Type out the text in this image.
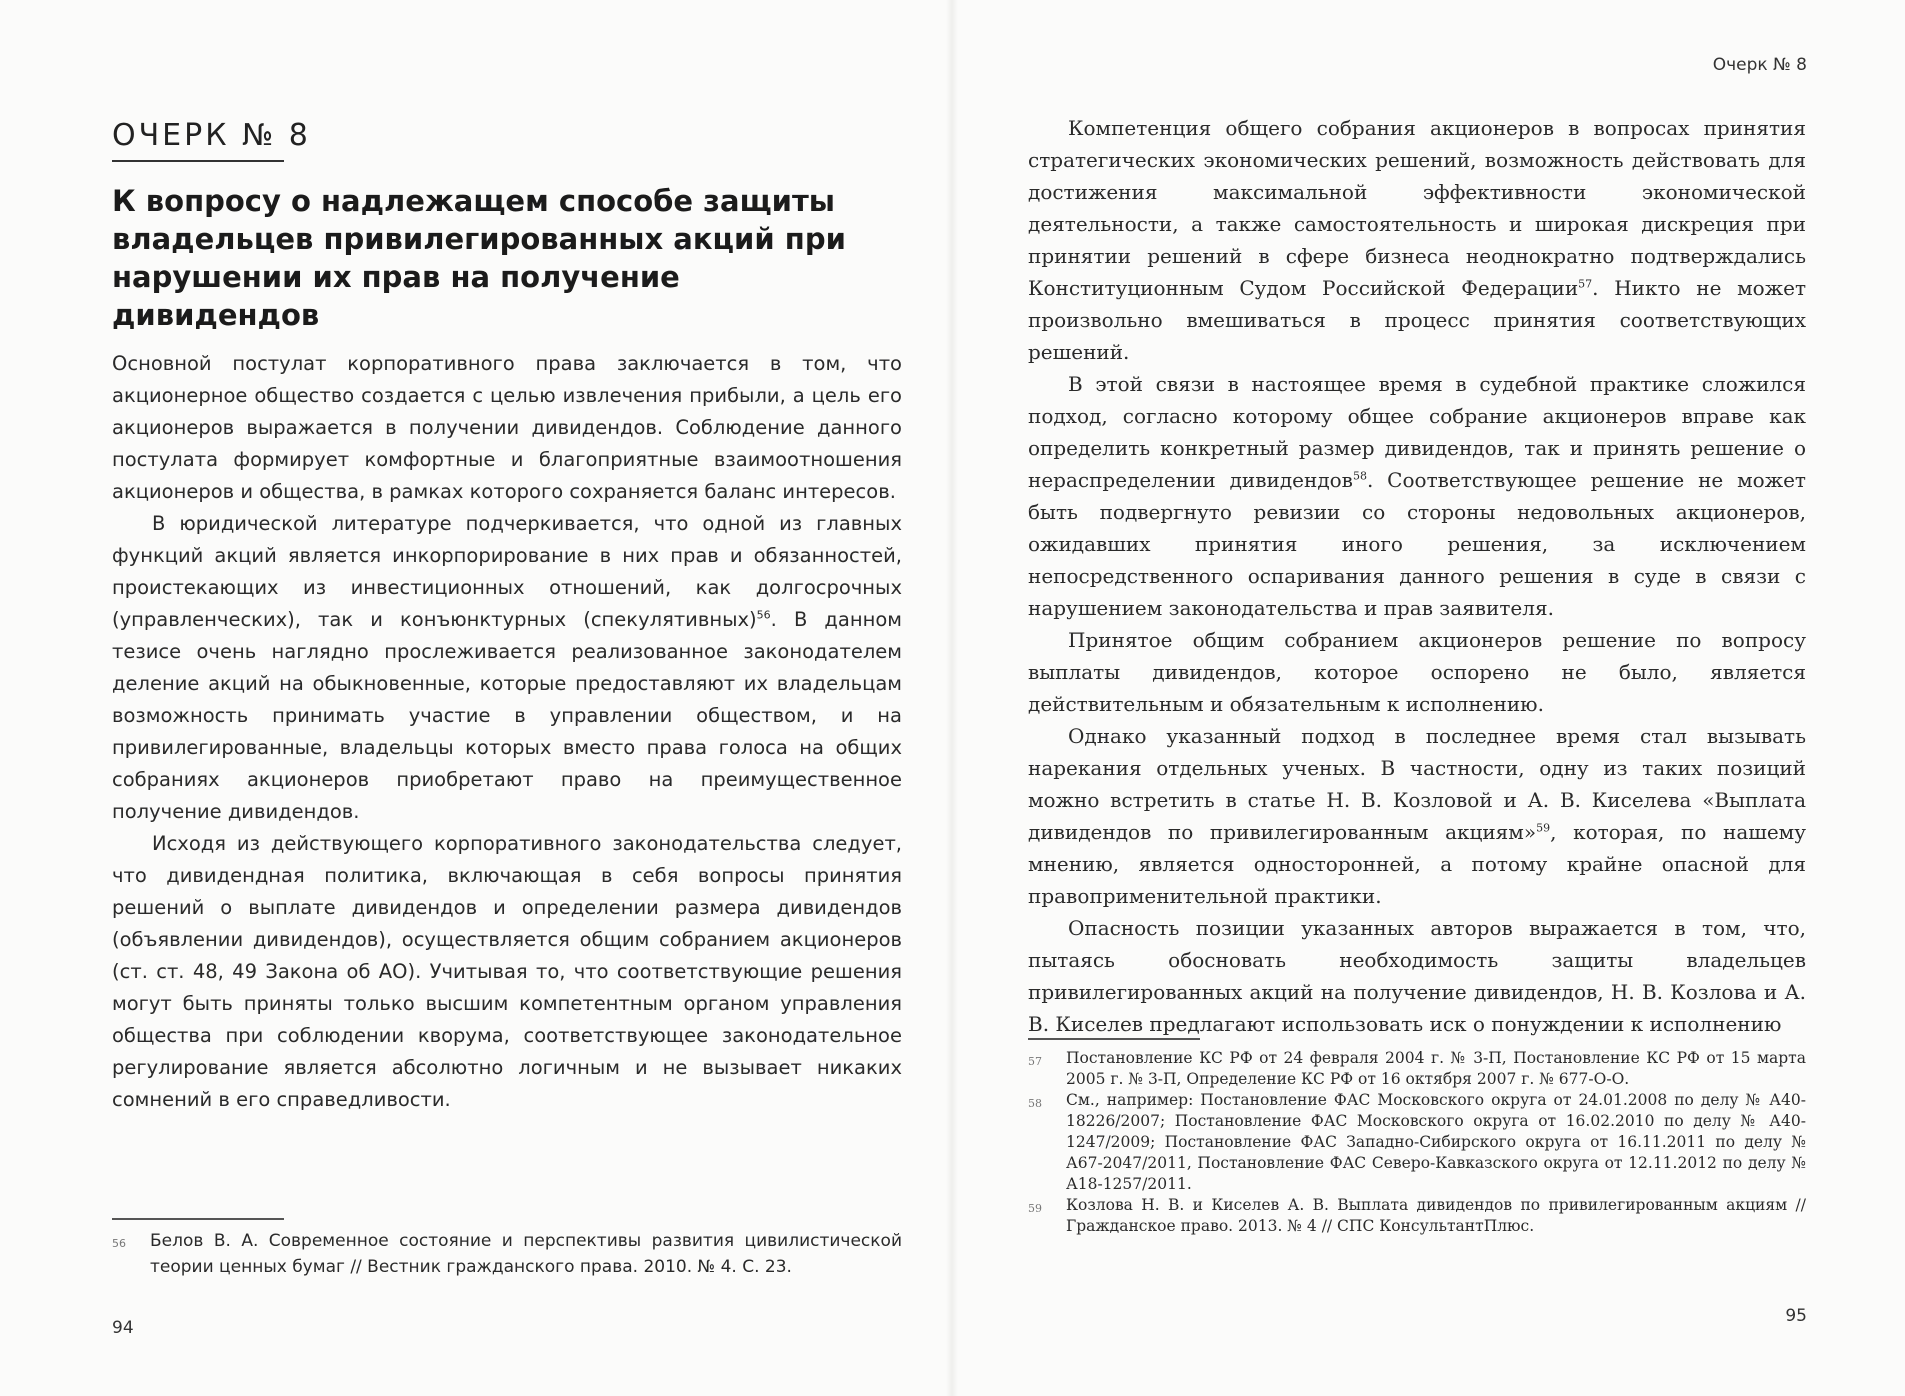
ОЧЕРК № 8
К вопросу о надлежащем способе защиты владельцев привилегированных акций при нарушении их прав на получение дивидендов

Основной постулат корпоративного права заключается в том, что акционерное общество создается с целью извлечения прибыли, а цель его акционеров выражается в получении дивидендов. Соблюдение данного постулата формирует комфортные и благоприятные взаимоотношения акционеров и общества, в рамках которого сохраняется баланс интересов.

В юридической литературе подчеркивается, что одной из главных функций акций является инкорпорирование в них прав и обязанностей, проистекающих из инвестиционных отношений, как долгосрочных (управленческих), так и конъюнктурных (спекулятивных)$^{56}$. В данном тезисе очень наглядно прослеживается реализованное законодателем деление акций на обыкновенные, которые предоставляют их владельцам возможность принимать участие в управлении обществом, и на привилегированные, владельцы которых вместо права голоса на общих собраниях акционеров приобретают право на преимущественное получение дивидендов.

Исходя из действующего корпоративного законодательства следует, что дивидендная политика, включающая в себя вопросы принятия решений о выплате дивидендов и определении размера дивидендов (объявлении дивидендов), осуществляется общим собранием акционеров (ст. ст. 48, 49 Закона об АО). Учитывая то, что соответствующие решения могут быть приняты только высшим компетентным органом управления общества при соблюдении кворума, соответствующее законодательное регулирование является абсолютно логичным и не вызывает никаких сомнений в его справедливости.

56	Белов В. А. Современное состояние и перспективы развития цивилистической теории ценных бумаг // Вестник гражданского права. 2010. № 4. С. 23.
94
Очерк № 8

Компетенция общего собрания акционеров в вопросах принятия стратегических экономических решений, возможность действовать для достижения максимальной эффективности экономической деятельности, а также самостоятельность и широкая дискреция при принятии решений в сфере бизнеса неоднократно подтверждались Конституционным Судом Российской Федерации$^{57}$. Никто не может произвольно вмешиваться в процесс принятия соответствующих решений.

В этой связи в настоящее время в судебной практике сложился подход, согласно которому общее собрание акционеров вправе как определить конкретный размер дивидендов, так и принять решение о нераспределении дивидендов$^{58}$. Соответствующее решение не может быть подвергнуто ревизии со стороны недовольных акционеров, ожидавших принятия иного решения, за исключением непосредственного оспаривания данного решения в суде в связи с нарушением законодательства и прав заявителя.

Принятое общим собранием акционеров решение по вопросу выплаты дивидендов, которое оспорено не было, является действительным и обязательным к исполнению.

Однако указанный подход в последнее время стал вызывать нарекания отдельных ученых. В частности, одну из таких позиций можно встретить в статье Н. В. Козловой и А. В. Киселева «Выплата дивидендов по привилегированным акциям»$^{59}$, которая, по нашему мнению, является односторонней, а потому крайне опасной для правоприменительной практики.

Опасность позиции указанных авторов выражается в том, что, пытаясь обосновать необходимость защиты владельцев привилегированных акций на получение дивидендов, Н. В. Козлова и А. В. Киселев предлагают использовать иск о понуждении к исполнению

57	Постановление КС РФ от 24 февраля 2004 г. № 3-П, Постановление КС РФ от 15 марта 2005 г. № 3-П, Определение КС РФ от 16 октября 2007 г. № 677-О-О.
58	См., например: Постановление ФАС Московского округа от 24.01.2008 по делу № А40-18226/2007; Постановление ФАС Московского округа от 16.02.2010 по делу № А40-1247/2009; Постановление ФАС Западно-Сибирского округа от 16.11.2011 по делу № А67-2047/2011, Постановление ФАС Северо-Кавказского округа от 12.11.2012 по делу № А18-1257/2011.
59	Козлова Н. В. и Киселев А. В. Выплата дивидендов по привилегированным акциям // Гражданское право. 2013. № 4 // СПС КонсультантПлюс.
95
